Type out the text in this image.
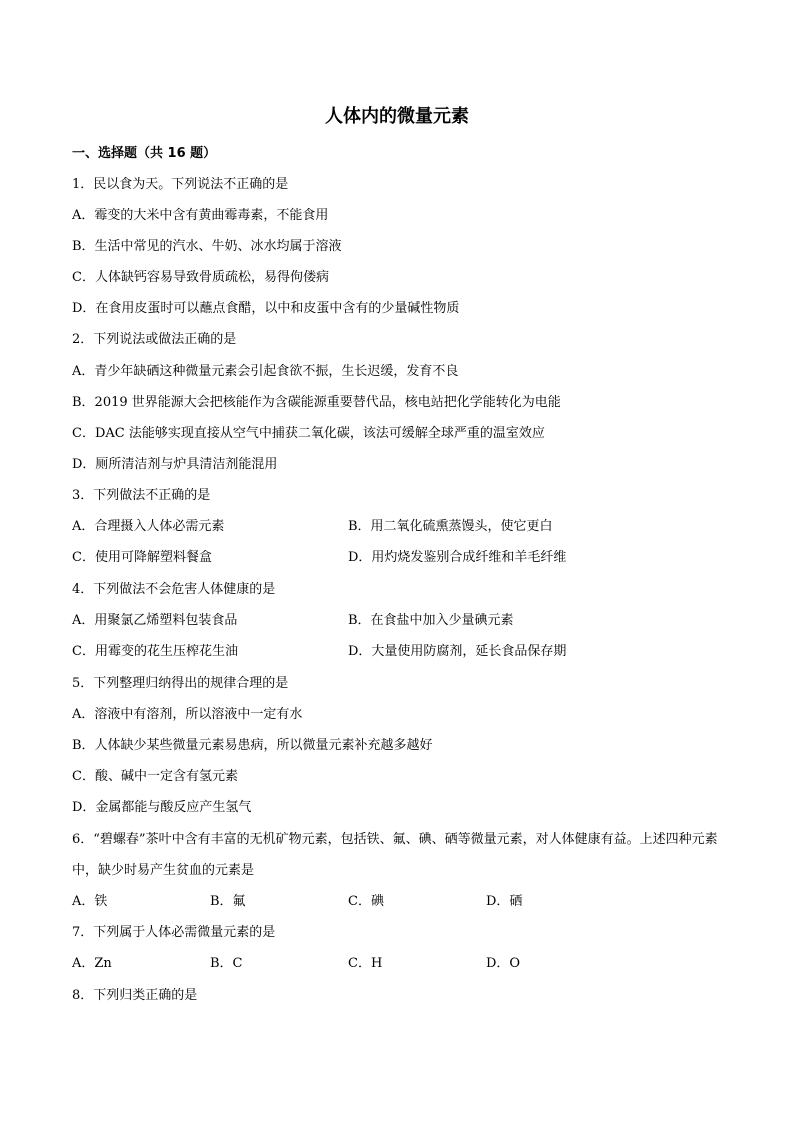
人体内的微量元素
一、选择题（共 16 题）
1．民以食为天。下列说法不正确的是
A．霉变的大米中含有黄曲霉毒素，不能食用
B．生活中常见的汽水、牛奶、冰水均属于溶液
C．人体缺钙容易导致骨质疏松，易得佝偻病
D．在食用皮蛋时可以蘸点食醋，以中和皮蛋中含有的少量碱性物质
2．下列说法或做法正确的是
A．青少年缺硒这种微量元素会引起食欲不振，生长迟缓，发育不良
B．2019 世界能源大会把核能作为含碳能源重要替代品，核电站把化学能转化为电能
C．DAC 法能够实现直接从空气中捕获二氧化碳，该法可缓解全球严重的温室效应
D．厕所清洁剂与炉具清洁剂能混用
3．下列做法不正确的是
A．合理摄入人体必需元素	B．用二氧化硫熏蒸馒头，使它更白
C．使用可降解塑料餐盒	D．用灼烧发鉴别合成纤维和羊毛纤维
4．下列做法不会危害人体健康的是
A．用聚氯乙烯塑料包装食品	B．在食盐中加入少量碘元素
C．用霉变的花生压榨花生油	D．大量使用防腐剂，延长食品保存期
5．下列整理归纳得出的规律合理的是
A．溶液中有溶剂，所以溶液中一定有水
B．人体缺少某些微量元素易患病，所以微量元素补充越多越好
C．酸、碱中一定含有氢元素
D．金属都能与酸反应产生氢气
6．“碧螺春”茶叶中含有丰富的无机矿物元素，包括铁、氟、碘、硒等微量元素，对人体健康有益。上述四种元素中，缺少时易产生贫血的元素是
A．铁	B．氟	C．碘	D．硒
7．下列属于人体必需微量元素的是
A．Zn	B．C	C．H	D．O
8．下列归类正确的是
